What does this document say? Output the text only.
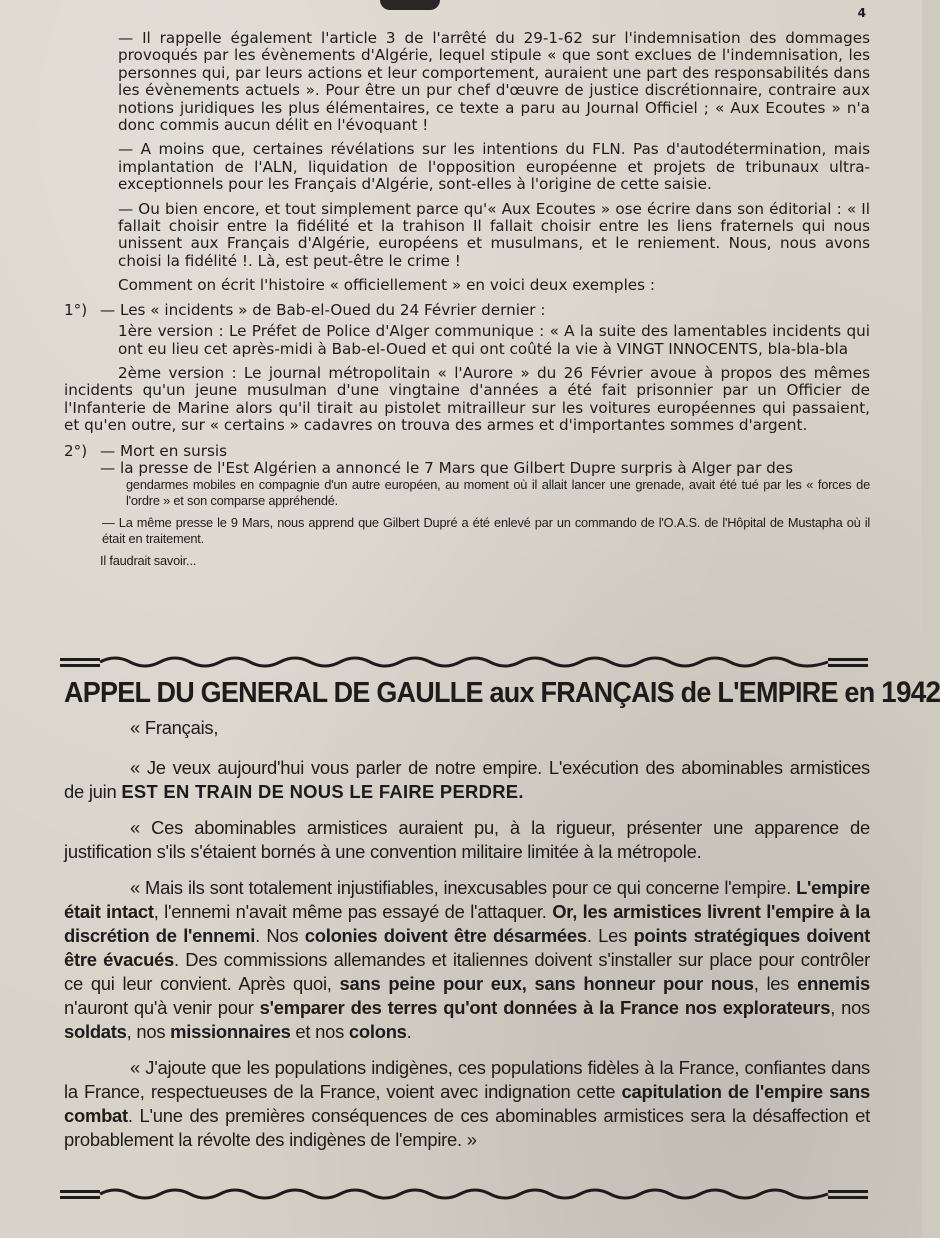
4

— Il rappelle également l'article 3 de l'arrêté du 29-1-62 sur l'indemnisation des dommages provoqués par les évènements d'Algérie, lequel stipule « que sont exclues de l'indemnisation, les personnes qui, par leurs actions et leur comportement, auraient une part des responsabilités dans les évènements actuels ». Pour être un pur chef d'œuvre de justice discrétionnaire, contraire aux notions juridiques les plus élémentaires, ce texte a paru au Journal Officiel ; « Aux Ecoutes » n'a donc commis aucun délit en l'évoquant !

— A moins que, certaines révélations sur les intentions du FLN. Pas d'autodétermination, mais implantation de l'ALN, liquidation de l'opposition européenne et projets de tribunaux ultra-exceptionnels pour les Français d'Algérie, sont-elles à l'origine de cette saisie.

— Ou bien encore, et tout simplement parce qu'« Aux Ecoutes » ose écrire dans son éditorial : « Il fallait choisir entre la fidélité et la trahison Il fallait choisir entre les liens fraternels qui nous unissent aux Français d'Algérie, européens et musulmans, et le reniement. Nous, nous avons choisi la fidélité !. Là, est peut-être le crime !

Comment on écrit l'histoire « officiellement » en voici deux exemples :

1°) — Les « incidents » de Bab-el-Oued du 24 Février dernier :

1ère version : Le Préfet de Police d'Alger communique : « A la suite des lamentables incidents qui ont eu lieu cet après-midi à Bab-el-Oued et qui ont coûté la vie à VINGT INNOCENTS, bla-bla-bla

2ème version : Le journal métropolitain « l'Aurore » du 26 Février avoue à propos des mêmes incidents qu'un jeune musulman d'une vingtaine d'années a été fait prisonnier par un Officier de l'Infanterie de Marine alors qu'il tirait au pistolet mitrailleur sur les voitures européennes qui passaient, et qu'en outre, sur « certains » cadavres on trouva des armes et d'importantes sommes d'argent.

2°) — Mort en sursis
— la presse de l'Est Algérien a annoncé le 7 Mars que Gilbert Dupre surpris à Alger par des
gendarmes mobiles en compagnie d'un autre européen, au moment où il allait lancer une grenade, avait été tué par les « forces de l'ordre » et son comparse appréhendé.
— La même presse le 9 Mars, nous apprend que Gilbert Dupré a été enlevé par un commando de l'O.A.S. de l'Hôpital de Mustapha où il était en traitement.
Il faudrait savoir...
APPEL DU GENERAL DE GAULLE aux FRANÇAIS de L'EMPIRE en 1942

« Français,

« Je veux aujourd'hui vous parler de notre empire. L'exécution des abominables armistices de juin EST EN TRAIN DE NOUS LE FAIRE PERDRE.

« Ces abominables armistices auraient pu, à la rigueur, présenter une apparence de justification s'ils s'étaient bornés à une convention militaire limitée à la métropole.

« Mais ils sont totalement injustifiables, inexcusables pour ce qui concerne l'empire. L'empire était intact, l'ennemi n'avait même pas essayé de l'attaquer. Or, les armistices livrent l'empire à la discrétion de l'ennemi. Nos colonies doivent être désarmées. Les points stratégiques doivent être évacués. Des commissions allemandes et italiennes doivent s'installer sur place pour contrôler ce qui leur convient. Après quoi, sans peine pour eux, sans honneur pour nous, les ennemis n'auront qu'à venir pour s'emparer des terres qu'ont données à la France nos explorateurs, nos soldats, nos missionnaires et nos colons.

« J'ajoute que les populations indigènes, ces populations fidèles à la France, confiantes dans la France, respectueuses de la France, voient avec indignation cette capitulation de l'empire sans combat. L'une des premières conséquences de ces abominables armistices sera la désaffection et probablement la révolte des indigènes de l'empire. »
